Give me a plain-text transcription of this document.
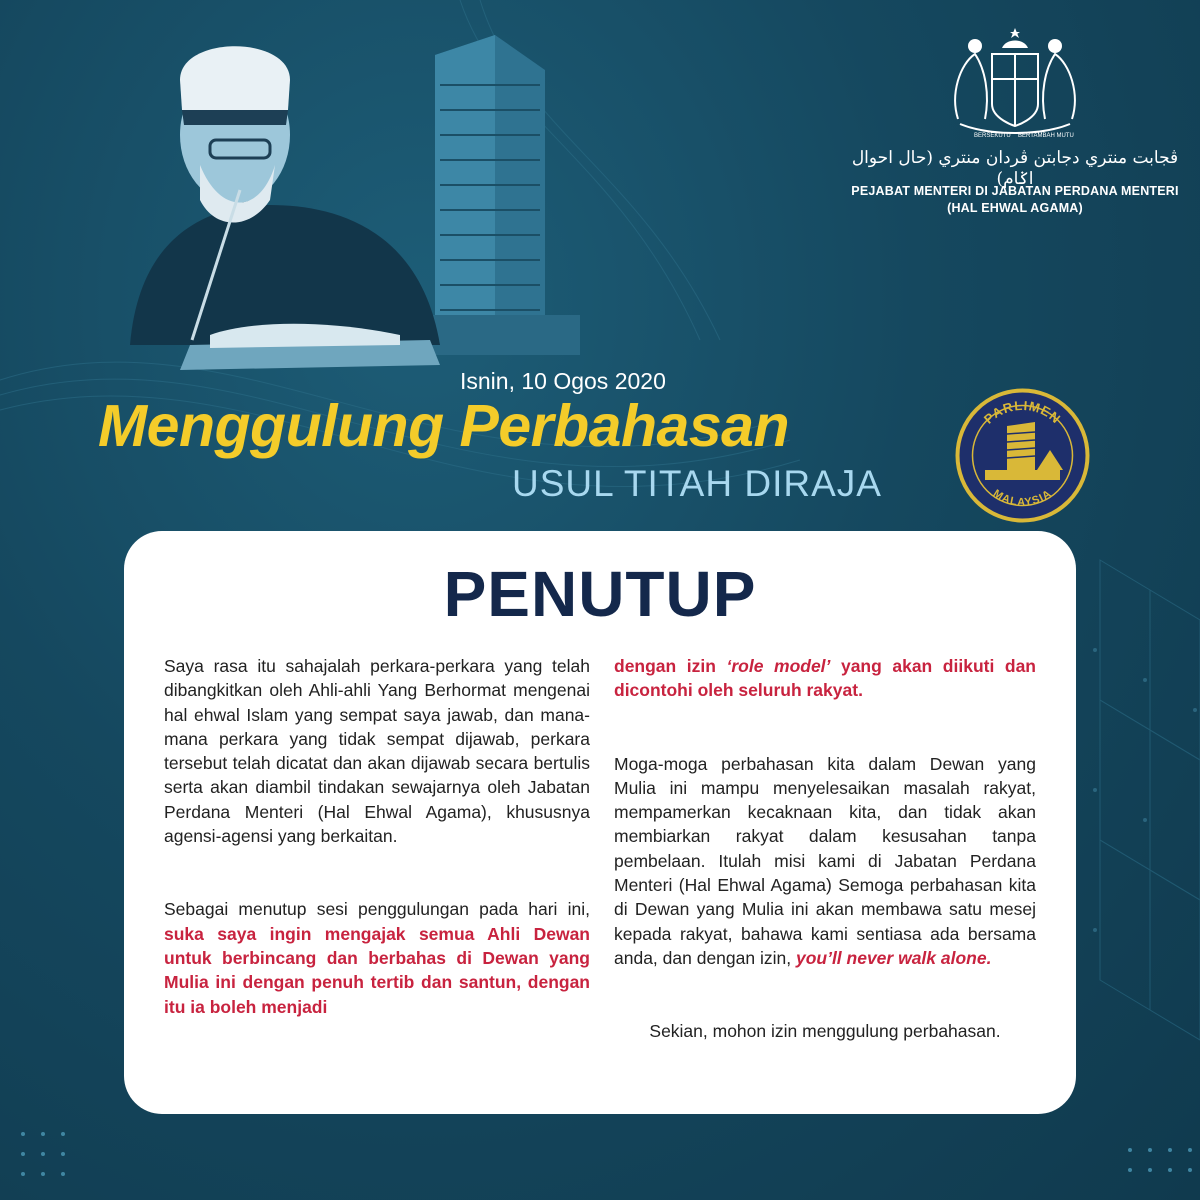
BERSEKUTU BERTAMBAH MUTU
ڤجابت منتري دجابتن ڤردان منتري (حال احوال اݢام)
PEJABAT MENTERI DI JABATAN PERDANA MENTERI
(HAL EHWAL AGAMA)
Isnin, 10 Ogos 2020
Menggulung Perbahasan
USUL TITAH DIRAJA
PARLIMEN
MALAYSIA
PENUTUP

Saya rasa itu sahajalah perkara-perkara yang telah dibangkitkan oleh Ahli-ahli Yang Berhormat mengenai hal ehwal Islam yang sempat saya jawab, dan mana-mana perkara yang tidak sempat dijawab, perkara tersebut telah dicatat dan akan dijawab secara bertulis serta akan diambil tindakan sewajarnya oleh Jabatan Perdana Menteri (Hal Ehwal Agama), khususnya agensi-agensi yang berkaitan.

Sebagai menutup sesi penggulungan pada hari ini, suka saya ingin mengajak semua Ahli Dewan untuk berbincang dan berbahas di Dewan yang Mulia ini dengan penuh tertib dan santun, dengan itu ia boleh menjadi

dengan izin ‘role model’ yang akan diikuti dan dicontohi oleh seluruh rakyat.

Moga-moga perbahasan kita dalam Dewan yang Mulia ini mampu menyelesaikan masalah rakyat, mempamerkan kecaknaan kita, dan tidak akan membiarkan rakyat dalam kesusahan tanpa pembelaan. Itulah misi kami di Jabatan Perdana Menteri (Hal Ehwal Agama) Semoga perbahasan kita di Dewan yang Mulia ini akan membawa satu mesej kepada rakyat, bahawa kami sentiasa ada bersama anda, dan dengan izin, you’ll never walk alone.

Sekian, mohon izin menggulung perbahasan.
